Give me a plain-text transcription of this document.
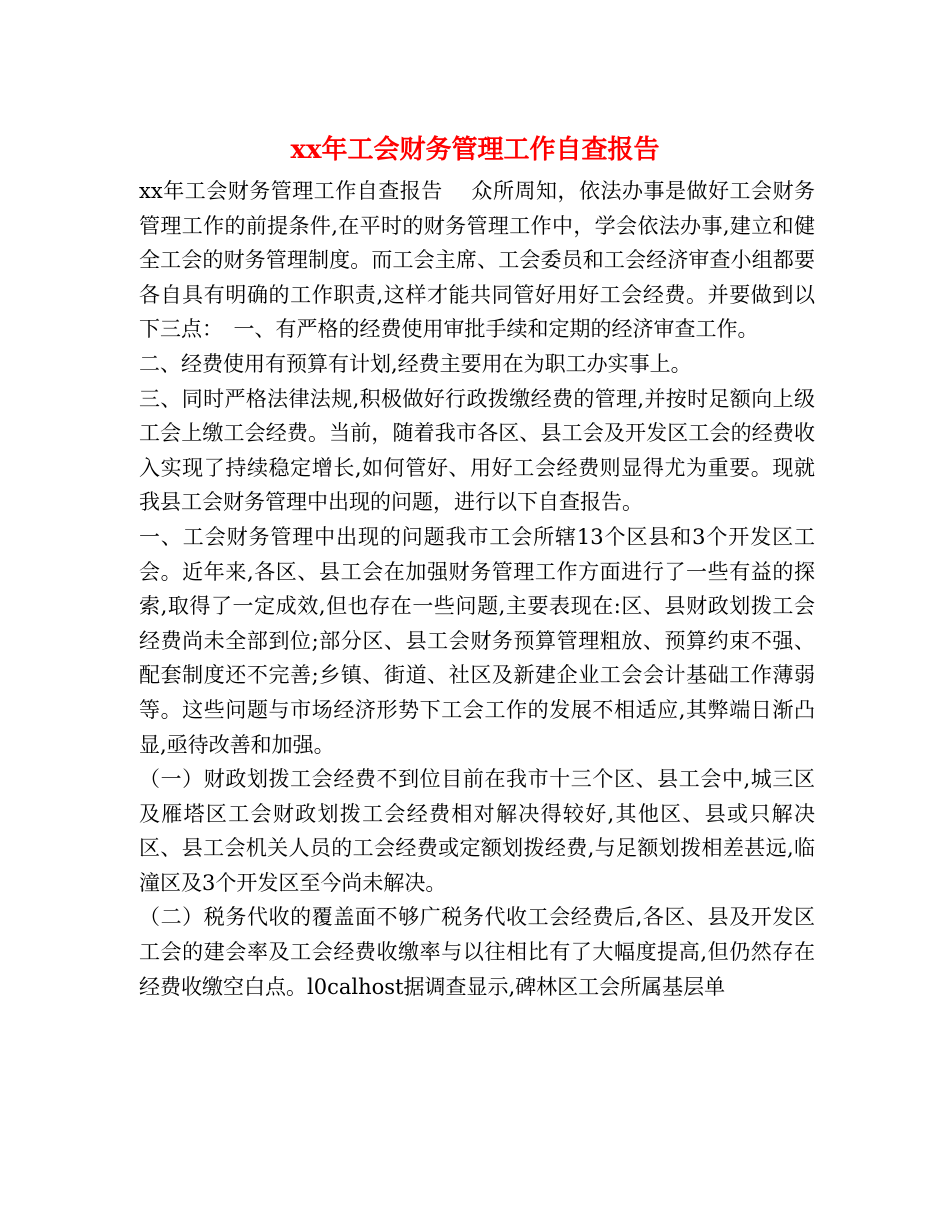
xx年工会财务管理工作自查报告

xx年工会财务管理工作自查报告　 众所周知，依法办事是做好工会财务管理工作的前提条件,在平时的财务管理工作中，学会依法办事,建立和健全工会的财务管理制度。而工会主席、工会委员和工会经济审查小组都要各自具有明确的工作职责,这样才能共同管好用好工会经费。并要做到以下三点：　一、有严格的经费使用审批手续和定期的经济审查工作。

二、经费使用有预算有计划,经费主要用在为职工办实事上。

三、同时严格法律法规,积极做好行政拨缴经费的管理,并按时足额向上级工会上缴工会经费。当前，随着我市各区、县工会及开发区工会的经费收入实现了持续稳定增长,如何管好、用好工会经费则显得尤为重要。现就我县工会财务管理中出现的问题，进行以下自查报告。

一、工会财务管理中出现的问题我市工会所辖13个区县和3个开发区工会。近年来,各区、县工会在加强财务管理工作方面进行了一些有益的探索,取得了一定成效,但也存在一些问题,主要表现在:区、县财政划拨工会经费尚未全部到位;部分区、县工会财务预算管理粗放、预算约束不强、配套制度还不完善;乡镇、街道、社区及新建企业工会会计基础工作薄弱等。这些问题与市场经济形势下工会工作的发展不相适应,其弊端日渐凸显,亟待改善和加强。

（一）财政划拨工会经费不到位目前在我市十三个区、县工会中,城三区及雁塔区工会财政划拨工会经费相对解决得较好,其他区、县或只解决区、县工会机关人员的工会经费或定额划拨经费,与足额划拨相差甚远,临潼区及3个开发区至今尚未解决。

（二）税务代收的覆盖面不够广税务代收工会经费后,各区、县及开发区工会的建会率及工会经费收缴率与以往相比有了大幅度提高,但仍然存在经费收缴空白点。l0calhost据调查显示,碑林区工会所属基层单
